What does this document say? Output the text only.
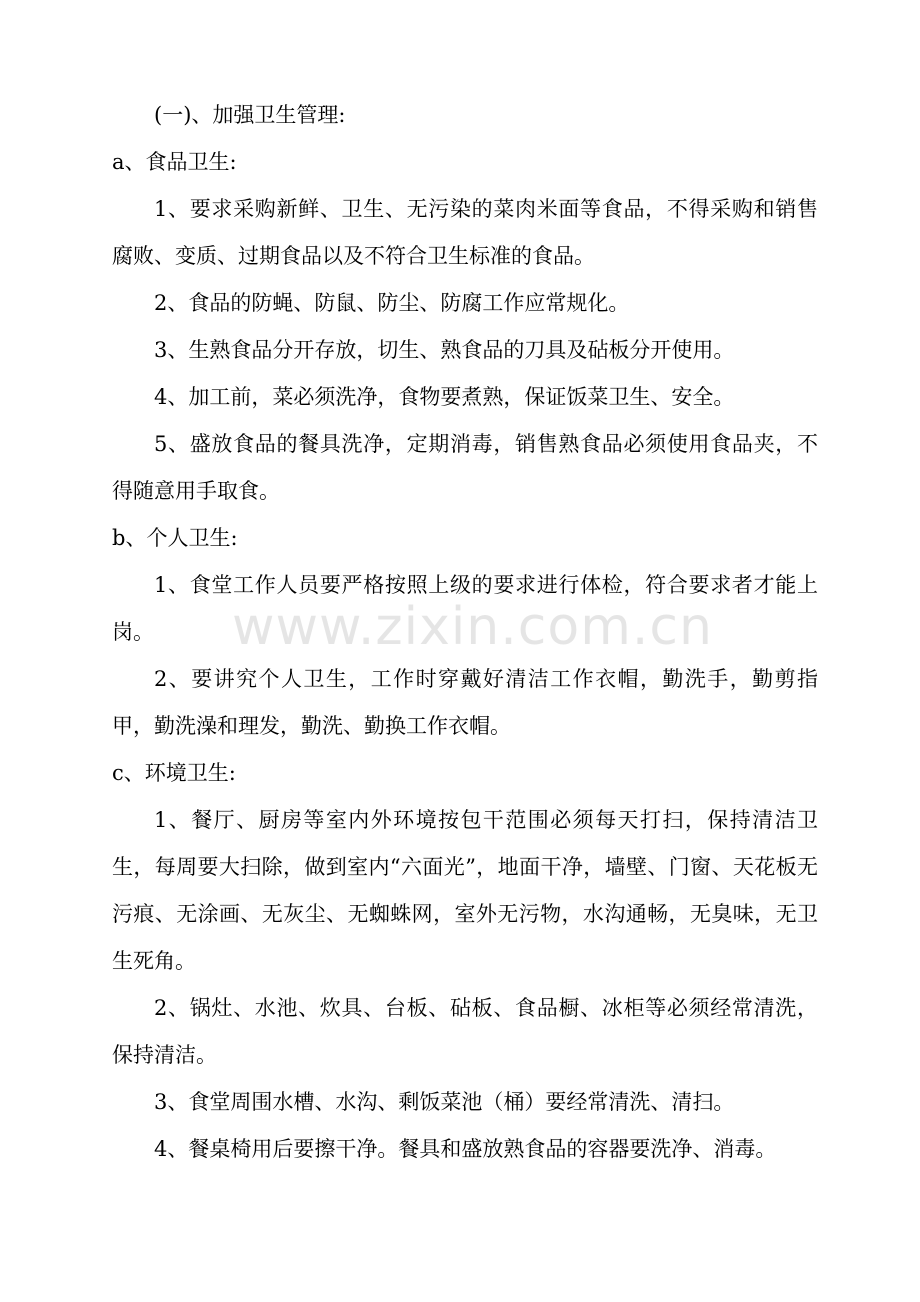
(一)、加强卫生管理:

a、食品卫生:

1、要求采购新鲜、卫生、无污染的菜肉米面等食品，不得采购和销售腐败、变质、过期食品以及不符合卫生标准的食品。

2、食品的防蝇、防鼠、防尘、防腐工作应常规化。

3、生熟食品分开存放，切生、熟食品的刀具及砧板分开使用。

4、加工前，菜必须洗净，食物要煮熟，保证饭菜卫生、安全。

5、盛放食品的餐具洗净，定期消毒，销售熟食品必须使用食品夹，不得随意用手取食。

b、个人卫生:

1、食堂工作人员要严格按照上级的要求进行体检，符合要求者才能上岗。

2、要讲究个人卫生，工作时穿戴好清洁工作衣帽，勤洗手，勤剪指甲，勤洗澡和理发，勤洗、勤换工作衣帽。

c、环境卫生:

1、餐厅、厨房等室内外环境按包干范围必须每天打扫，保持清洁卫生，每周要大扫除，做到室内“六面光”，地面干净，墙壁、门窗、天花板无污痕、无涂画、无灰尘、无蜘蛛网，室外无污物，水沟通畅，无臭味，无卫生死角。

2、锅灶、水池、炊具、台板、砧板、食品橱、冰柜等必须经常清洗，保持清洁。

3、食堂周围水槽、水沟、剩饭菜池（桶）要经常清洗、清扫。

4、餐桌椅用后要擦干净。餐具和盛放熟食品的容器要洗净、消毒。

www.zixin.com.cn
